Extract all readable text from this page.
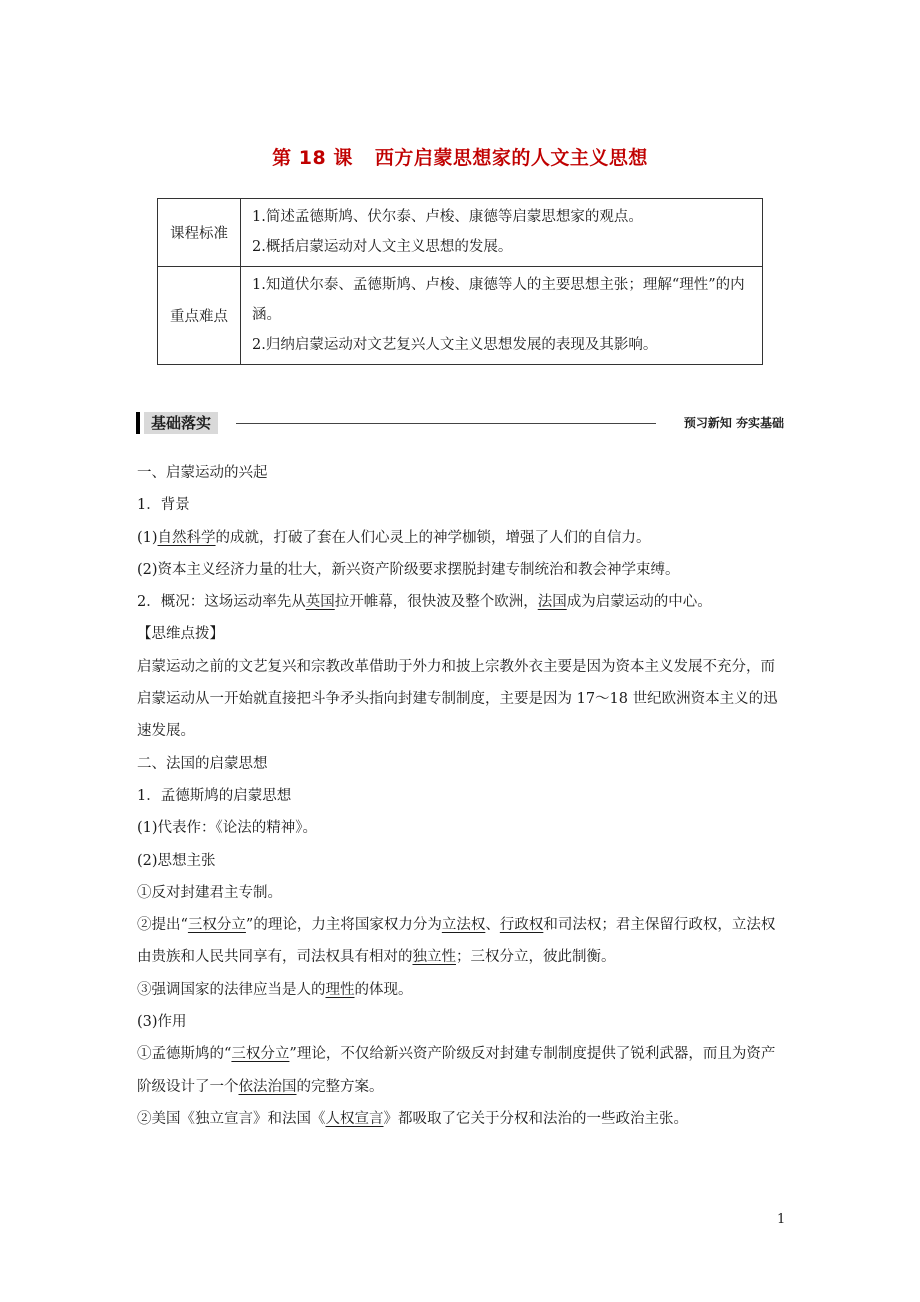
第 18 课 西方启蒙思想家的人文主义思想
课程标准	1.简述孟德斯鸠、伏尔泰、卢梭、康德等启蒙思想家的观点。
2.概括启蒙运动对人文主义思想的发展。

重点难点	1.知道伏尔泰、孟德斯鸠、卢梭、康德等人的主要思想主张；理解“理性”的内涵。
2.归纳启蒙运动对文艺复兴人文主义思想发展的表现及其影响。
基础落实	预习新知 夯实基础

一、启蒙运动的兴起

1．背景

(1)自然科学的成就，打破了套在人们心灵上的神学枷锁，增强了人们的自信力。

(2)资本主义经济力量的壮大，新兴资产阶级要求摆脱封建专制统治和教会神学束缚。

2．概况：这场运动率先从英国拉开帷幕，很快波及整个欧洲，法国成为启蒙运动的中心。

【思维点拨】

启蒙运动之前的文艺复兴和宗教改革借助于外力和披上宗教外衣主要是因为资本主义发展不充分，而启蒙运动从一开始就直接把斗争矛头指向封建专制制度，主要是因为 17～18 世纪欧洲资本主义的迅速发展。

二、法国的启蒙思想

1．孟德斯鸠的启蒙思想

(1)代表作：《论法的精神》。

(2)思想主张

①反对封建君主专制。

②提出“三权分立”的理论，力主将国家权力分为立法权、行政权和司法权；君主保留行政权，立法权由贵族和人民共同享有，司法权具有相对的独立性；三权分立，彼此制衡。

③强调国家的法律应当是人的理性的体现。

(3)作用

①孟德斯鸠的“三权分立”理论，不仅给新兴资产阶级反对封建专制制度提供了锐利武器，而且为资产阶级设计了一个依法治国的完整方案。

②美国《独立宣言》和法国《人权宣言》都吸取了它关于分权和法治的一些政治主张。

1
